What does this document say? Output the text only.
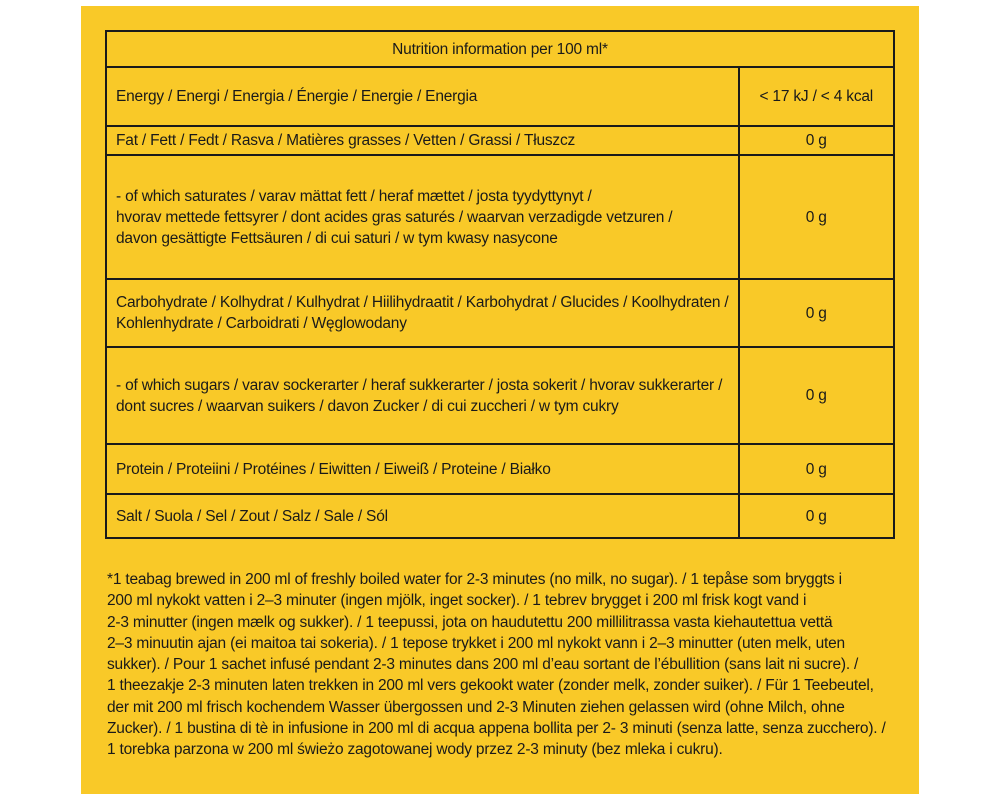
Nutrition information per 100 ml*	

Energy / Energi / Energia / Énergie / Energie / Energia	< 17 kJ / < 4 kcal

Fat / Fett / Fedt / Rasva / Matières grasses / Vetten / Grassi / Tłuszcz	0 g

- of which saturates / varav mättat fett / heraf mættet / josta tyydyttynyt /
hvorav mettede fettsyrer / dont acides gras saturés / waarvan verzadigde vetzuren /
davon gesättigte Fettsäuren / di cui saturi / w tym kwasy nasycone	0 g

Carbohydrate / Kolhydrat / Kulhydrat / Hiilihydraatit / Karbohydrat / Glucides / Koolhydraten /
Kohlenhydrate / Carboidrati / Węglowodany	0 g

- of which sugars / varav sockerarter / heraf sukkerarter / josta sokerit / hvorav sukkerarter /
dont sucres / waarvan suikers / davon Zucker / di cui zuccheri / w tym cukry	0 g

Protein / Proteiini / Protéines / Eiwitten / Eiweiß / Proteine / Białko	0 g

Salt / Suola / Sel / Zout / Salz / Sale / Sól	0 g
*1 teabag brewed in 200 ml of freshly boiled water for 2-3 minutes (no milk, no sugar). / 1 tepåse som bryggts i
200 ml nykokt vatten i 2–3 minuter (ingen mjölk, inget socker). / 1 tebrev brygget i 200 ml frisk kogt vand i
2-3 minutter (ingen mælk og sukker). / 1 teepussi, jota on haudutettu 200 millilitrassa vasta kiehautettua vettä
2–3 minuutin ajan (ei maitoa tai sokeria). / 1 tepose trykket i 200 ml nykokt vann i 2–3 minutter (uten melk, uten
sukker). / Pour 1 sachet infusé pendant 2-3 minutes dans 200 ml d’eau sortant de l’ébullition (sans lait ni sucre). /
1 theezakje 2-3 minuten laten trekken in 200 ml vers gekookt water (zonder melk, zonder suiker). / Für 1 Teebeutel,
der mit 200 ml frisch kochendem Wasser übergossen und 2-3 Minuten ziehen gelassen wird (ohne Milch, ohne
Zucker). / 1 bustina di tè in infusione in 200 ml di acqua appena bollita per 2- 3 minuti (senza latte, senza zucchero). /
1 torebka parzona w 200 ml świeżo zagotowanej wody przez 2-3 minuty (bez mleka i cukru).
